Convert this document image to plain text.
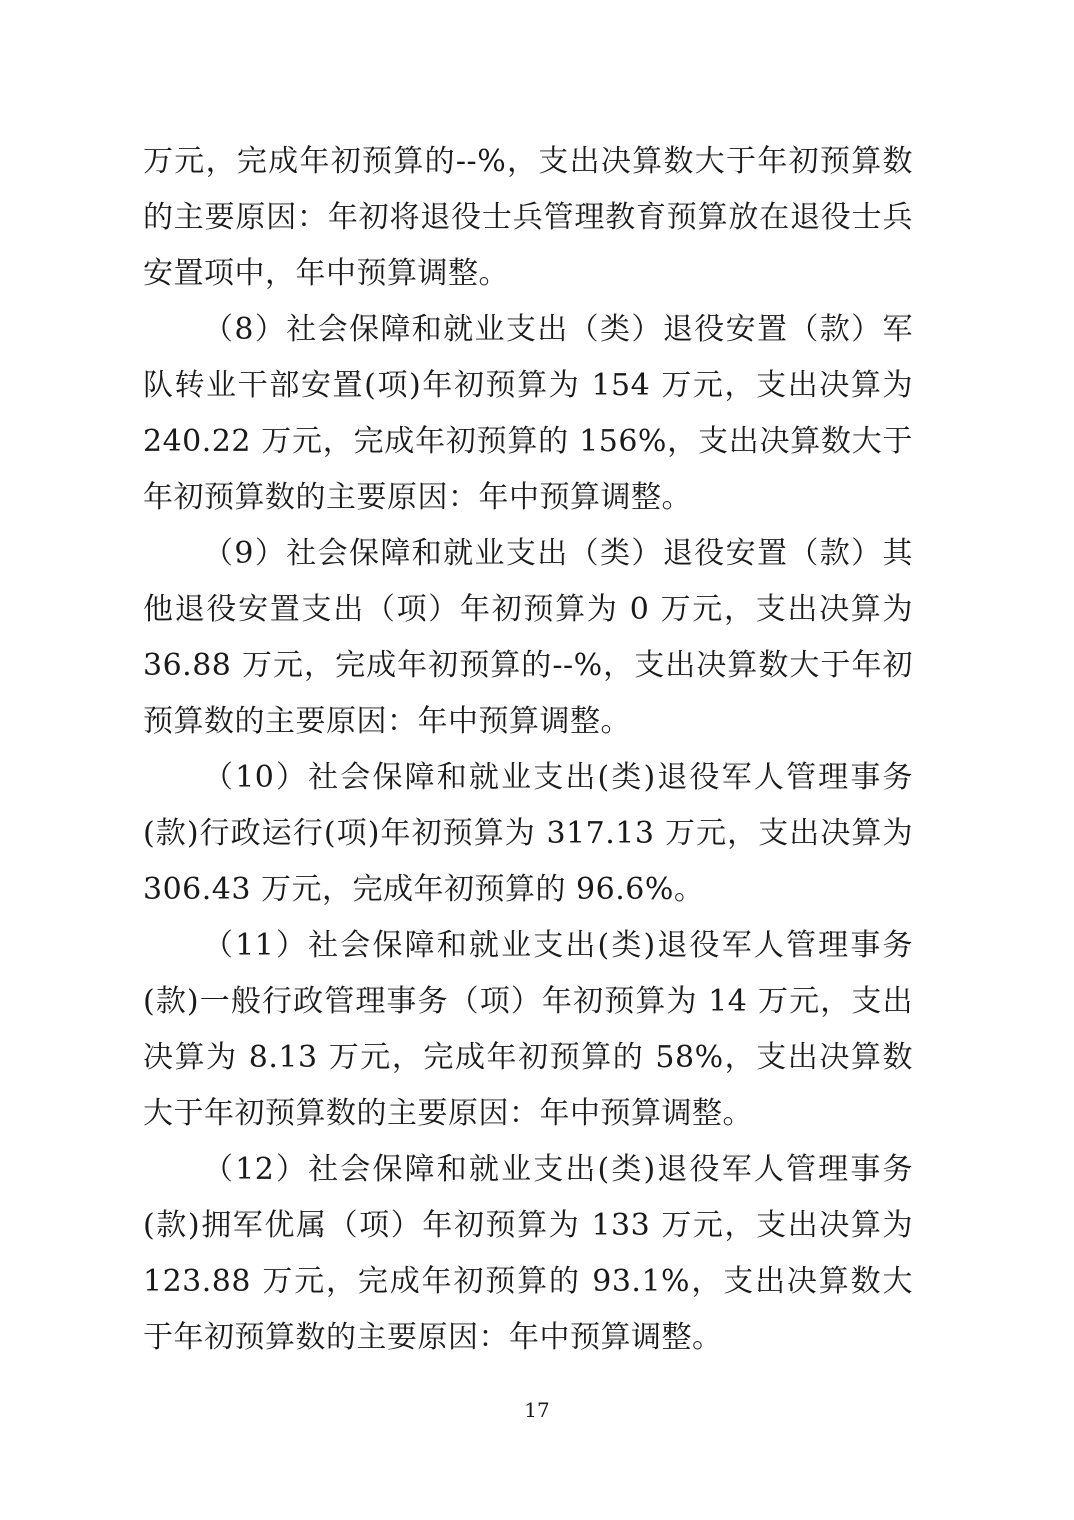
万元，完成年初预算的--%，支出决算数大于年初预算数的主要原因：年初将退役士兵管理教育预算放在退役士兵安置项中，年中预算调整。

（8）社会保障和就业支出（类）退役安置（款）军队转业干部安置(项)年初预算为 154 万元，支出决算为 240.22 万元，完成年初预算的 156%，支出决算数大于年初预算数的主要原因：年中预算调整。

（9）社会保障和就业支出（类）退役安置（款）其他退役安置支出（项）年初预算为 0 万元，支出决算为 36.88 万元，完成年初预算的--%，支出决算数大于年初预算数的主要原因：年中预算调整。

（10）社会保障和就业支出(类)退役军人管理事务(款)行政运行(项)年初预算为 317.13 万元，支出决算为 306.43 万元，完成年初预算的 96.6%。

（11）社会保障和就业支出(类)退役军人管理事务(款)一般行政管理事务（项）年初预算为 14 万元，支出决算为 8.13 万元，完成年初预算的 58%，支出决算数大于年初预算数的主要原因：年中预算调整。

（12）社会保障和就业支出(类)退役军人管理事务(款)拥军优属（项）年初预算为 133 万元，支出决算为 123.88 万元，完成年初预算的 93.1%，支出决算数大于年初预算数的主要原因：年中预算调整。

17
